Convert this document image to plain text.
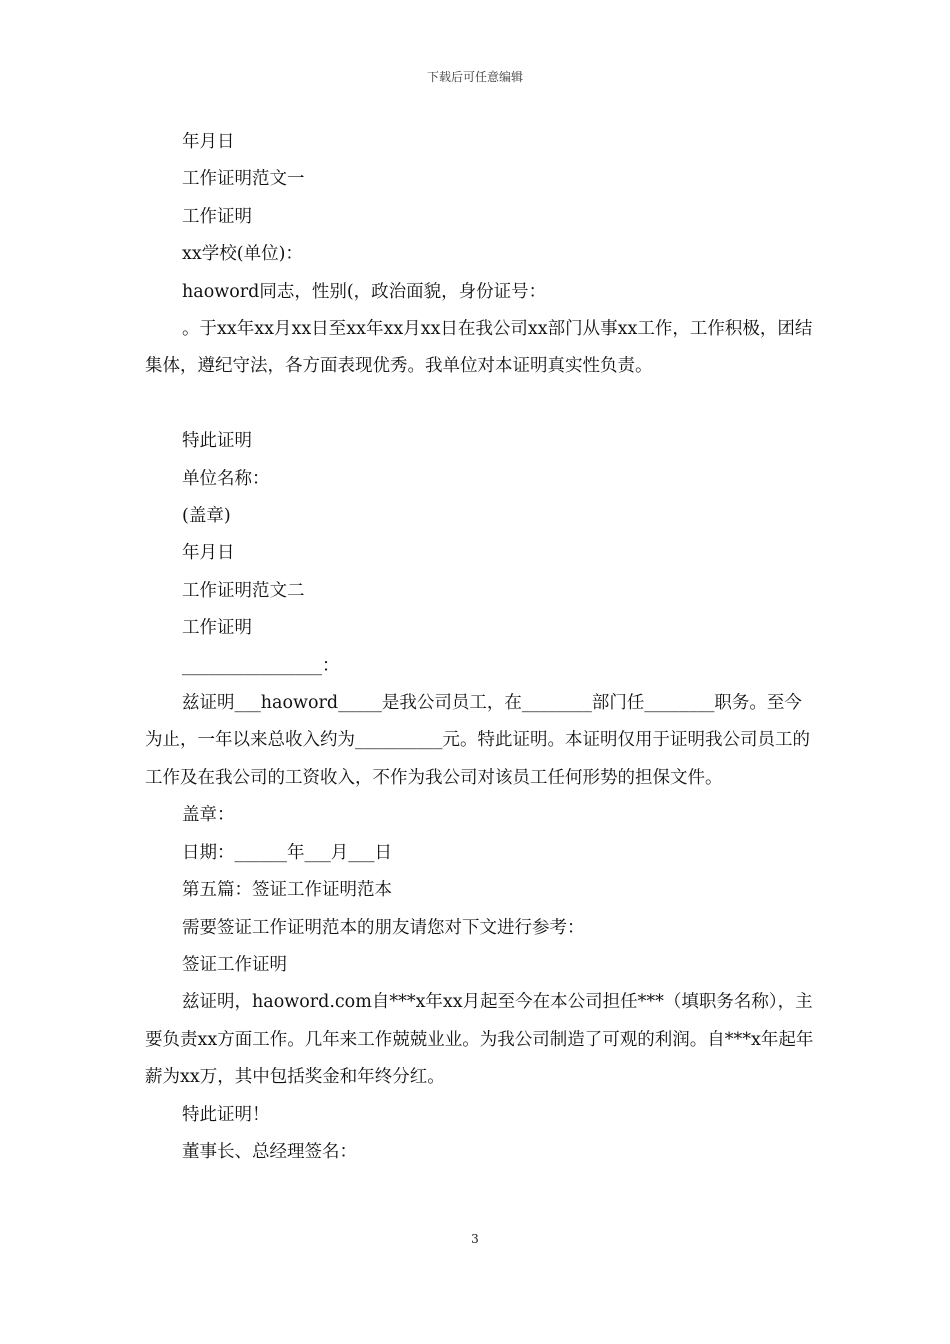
下载后可任意编辑

年月日

工作证明范文一

工作证明

xx学校(单位)：

haoword同志，性别(，政治面貌，身份证号：

。于xx年xx月xx日至xx年xx月xx日在我公司xx部门从事xx工作，工作积极，团结集体，遵纪守法，各方面表现优秀。我单位对本证明真实性负责。

特此证明

单位名称：

(盖章)

年月日

工作证明范文二

工作证明

________________：

兹证明___haoword_____是我公司员工，在________部门任________职务。至今为止，一年以来总收入约为__________元。特此证明。本证明仅用于证明我公司员工的工作及在我公司的工资收入，不作为我公司对该员工任何形势的担保文件。

盖章：

日期：______年___月___日

第五篇：签证工作证明范本

需要签证工作证明范本的朋友请您对下文进行参考：

签证工作证明

兹证明，haoword.com自***x年xx月起至今在本公司担任***（填职务名称），主要负责xx方面工作。几年来工作兢兢业业。为我公司制造了可观的利润。自***x年起年薪为xx万，其中包括奖金和年终分红。

特此证明！

董事长、总经理签名：

3
